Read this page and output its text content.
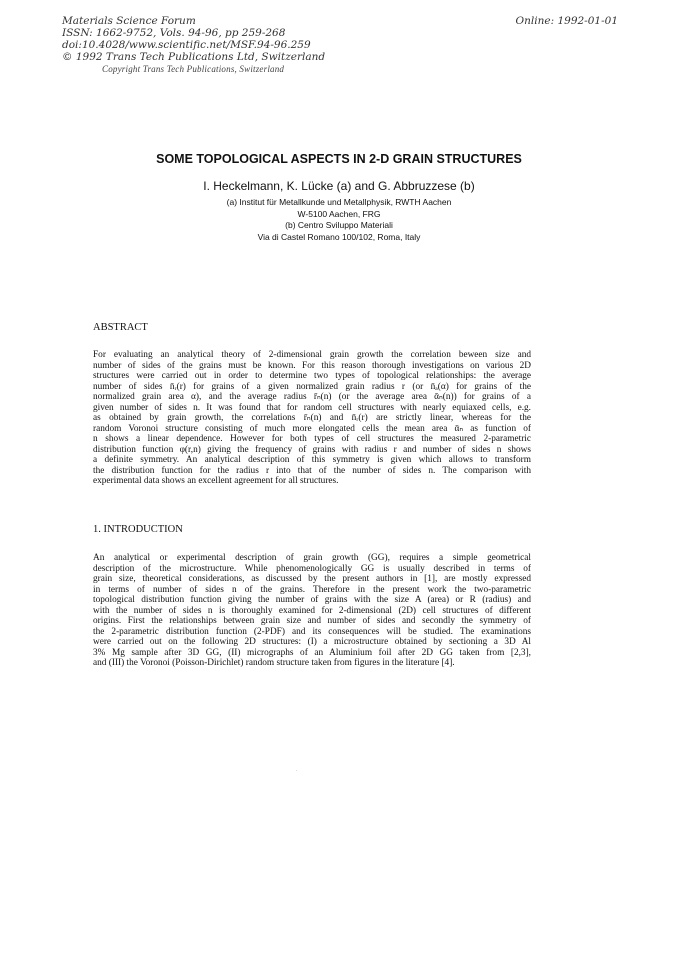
Materials Science Forum
ISSN: 1662-9752, Vols. 94-96, pp 259-268
doi:10.4028/www.scientific.net/MSF.94-96.259
© 1992 Trans Tech Publications Ltd, Switzerland
Copyright Trans Tech Publications, Switzerland
Online: 1992-01-01
SOME TOPOLOGICAL ASPECTS IN 2-D GRAIN STRUCTURES
I. Heckelmann, K. Lücke (a) and G. Abbruzzese (b)
(a) Institut für Metallkunde und Metallphysik, RWTH Aachen
W-5100 Aachen, FRG
(b) Centro Sviluppo Materiali
Via di Castel Romano 100/102, Roma, Italy
ABSTRACT
For evaluating an analytical theory of 2-dimensional grain growth the correlation beween size and
number of sides of the grains must be known. For this reason thorough investigations on various 2D
structures were carried out in order to determine two types of topological relationships: the average
number of sides n̄ᵣ(r) for grains of a given normalized grain radius r (or n̄ₐ(α) for grains of the
normalized grain area α), and the average radius r̄ₙ(n) (or the average area ᾱₙ(n)) for grains of a
given number of sides n. It was found that for random cell structures with nearly equiaxed cells, e.g.
as obtained by grain growth, the correlations r̄ₙ(n) and n̄ᵣ(r) are strictly linear, whereas for the
random Voronoi structure consisting of much more elongated cells the mean area ᾱₙ as function of
n shows a linear dependence. However for both types of cell structures the measured 2-parametric
distribution function φ(r,n) giving the frequency of grains with radius r and number of sides n shows
a definite symmetry. An analytical description of this symmetry is given which allows to transform
the distribution function for the radius r into that of the number of sides n. The comparison with
experimental data shows an excellent agreement for all structures.
1. INTRODUCTION
An analytical or experimental description of grain growth (GG), requires a simple geometrical
description of the microstructure. While phenomenologically GG is usually described in terms of
grain size, theoretical considerations, as discussed by the present authors in [1], are mostly expressed
in terms of number of sides n of the grains. Therefore in the present work the two-parametric
topological distribution function giving the number of grains with the size A (area) or R (radius) and
with the number of sides n is thoroughly examined for 2-dimensional (2D) cell structures of different
origins. First the relationships between grain size and number of sides and secondly the symmetry of
the 2-parametric distribution function (2-PDF) and its consequences will be studied. The examinations
were carried out on the following 2D structures: (I) a microstructure obtained by sectioning a 3D Al
3% Mg sample after 3D GG, (II) micrographs of an Aluminium foil after 2D GG taken from [2,3],
and (III) the Voronoi (Poisson-Dirichlet) random structure taken from figures in the literature [4].
